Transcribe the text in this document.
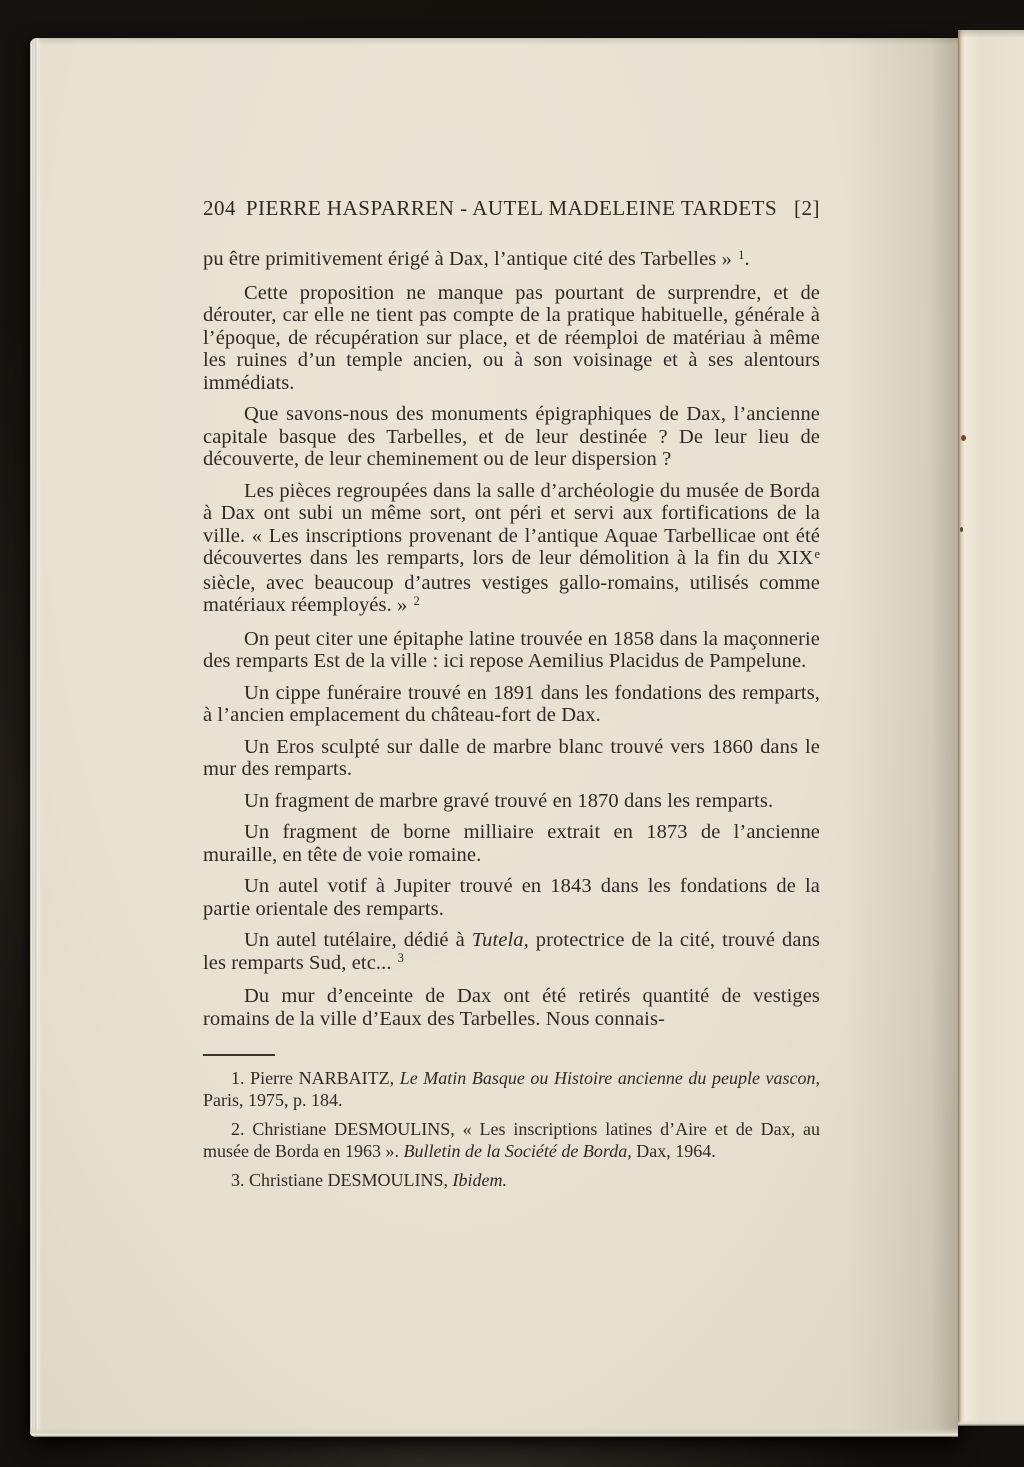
204 PIERRE HASPARREN - AUTEL MADELEINE TARDETS [2]

pu être primitivement érigé à Dax, l’antique cité des Tarbelles » $^1$.

Cette proposition ne manque pas pourtant de surprendre, et de dérouter, car elle ne tient pas compte de la pratique habituelle, générale à l’époque, de récupération sur place, et de réemploi de matériau à même les ruines d’un temple ancien, ou à son voisinage et à ses alentours immédiats.

Que savons-nous des monuments épigraphiques de Dax, l’ancienne capitale basque des Tarbelles, et de leur destinée ? De leur lieu de découverte, de leur cheminement ou de leur dispersion ?

Les pièces regroupées dans la salle d’archéologie du musée de Borda à Dax ont subi un même sort, ont péri et servi aux fortifications de la ville. « Les inscriptions provenant de l’antique Aquae Tarbellicae ont été découvertes dans les remparts, lors de leur démolition à la fin du XIXe siècle, avec beaucoup d’autres vestiges gallo-romains, utilisés comme matériaux réemployés. » $^2$

On peut citer une épitaphe latine trouvée en 1858 dans la maçonnerie des remparts Est de la ville : ici repose Aemilius Placidus de Pampelune.

Un cippe funéraire trouvé en 1891 dans les fondations des remparts, à l’ancien emplacement du château-fort de Dax.

Un Eros sculpté sur dalle de marbre blanc trouvé vers 1860 dans le mur des remparts.

Un fragment de marbre gravé trouvé en 1870 dans les remparts.

Un fragment de borne milliaire extrait en 1873 de l’ancienne muraille, en tête de voie romaine.

Un autel votif à Jupiter trouvé en 1843 dans les fondations de la partie orientale des remparts.

Un autel tutélaire, dédié à Tutela, protectrice de la cité, trouvé dans les remparts Sud, etc... $^3$

Du mur d’enceinte de Dax ont été retirés quantité de vestiges romains de la ville d’Eaux des Tarbelles. Nous connais-

1. Pierre NARBAITZ, Le Matin Basque ou Histoire ancienne du peuple vascon, Paris, 1975, p. 184.

2. Christiane DESMOULINS, « Les inscriptions latines d’Aire et de Dax, au musée de Borda en 1963 ». Bulletin de la Société de Borda, Dax, 1964.

3. Christiane DESMOULINS, Ibidem.
